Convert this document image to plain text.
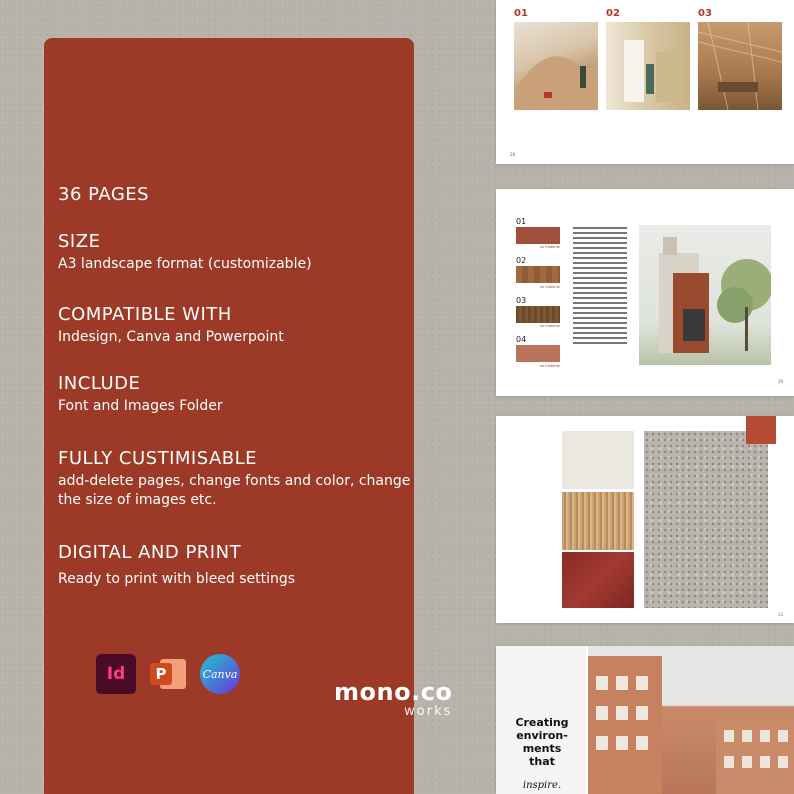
36 PAGES
SIZE
A3 landscape format (customizable)
COMPATIBLE WITH
Indesign, Canva and Powerpoint
INCLUDE
Font and Images Folder
FULLY CUSTIMISABLE
add-delete pages, change fonts and color, change the size of images etc.
DIGITAL AND PRINT
Ready to print with bleed settings
Id	P	Canva
mono.co
works
01	02	03
28
01
ex material
02
ex material
03
ex material
04
ex material
29
13
Creating environ- ments that
inspire.
